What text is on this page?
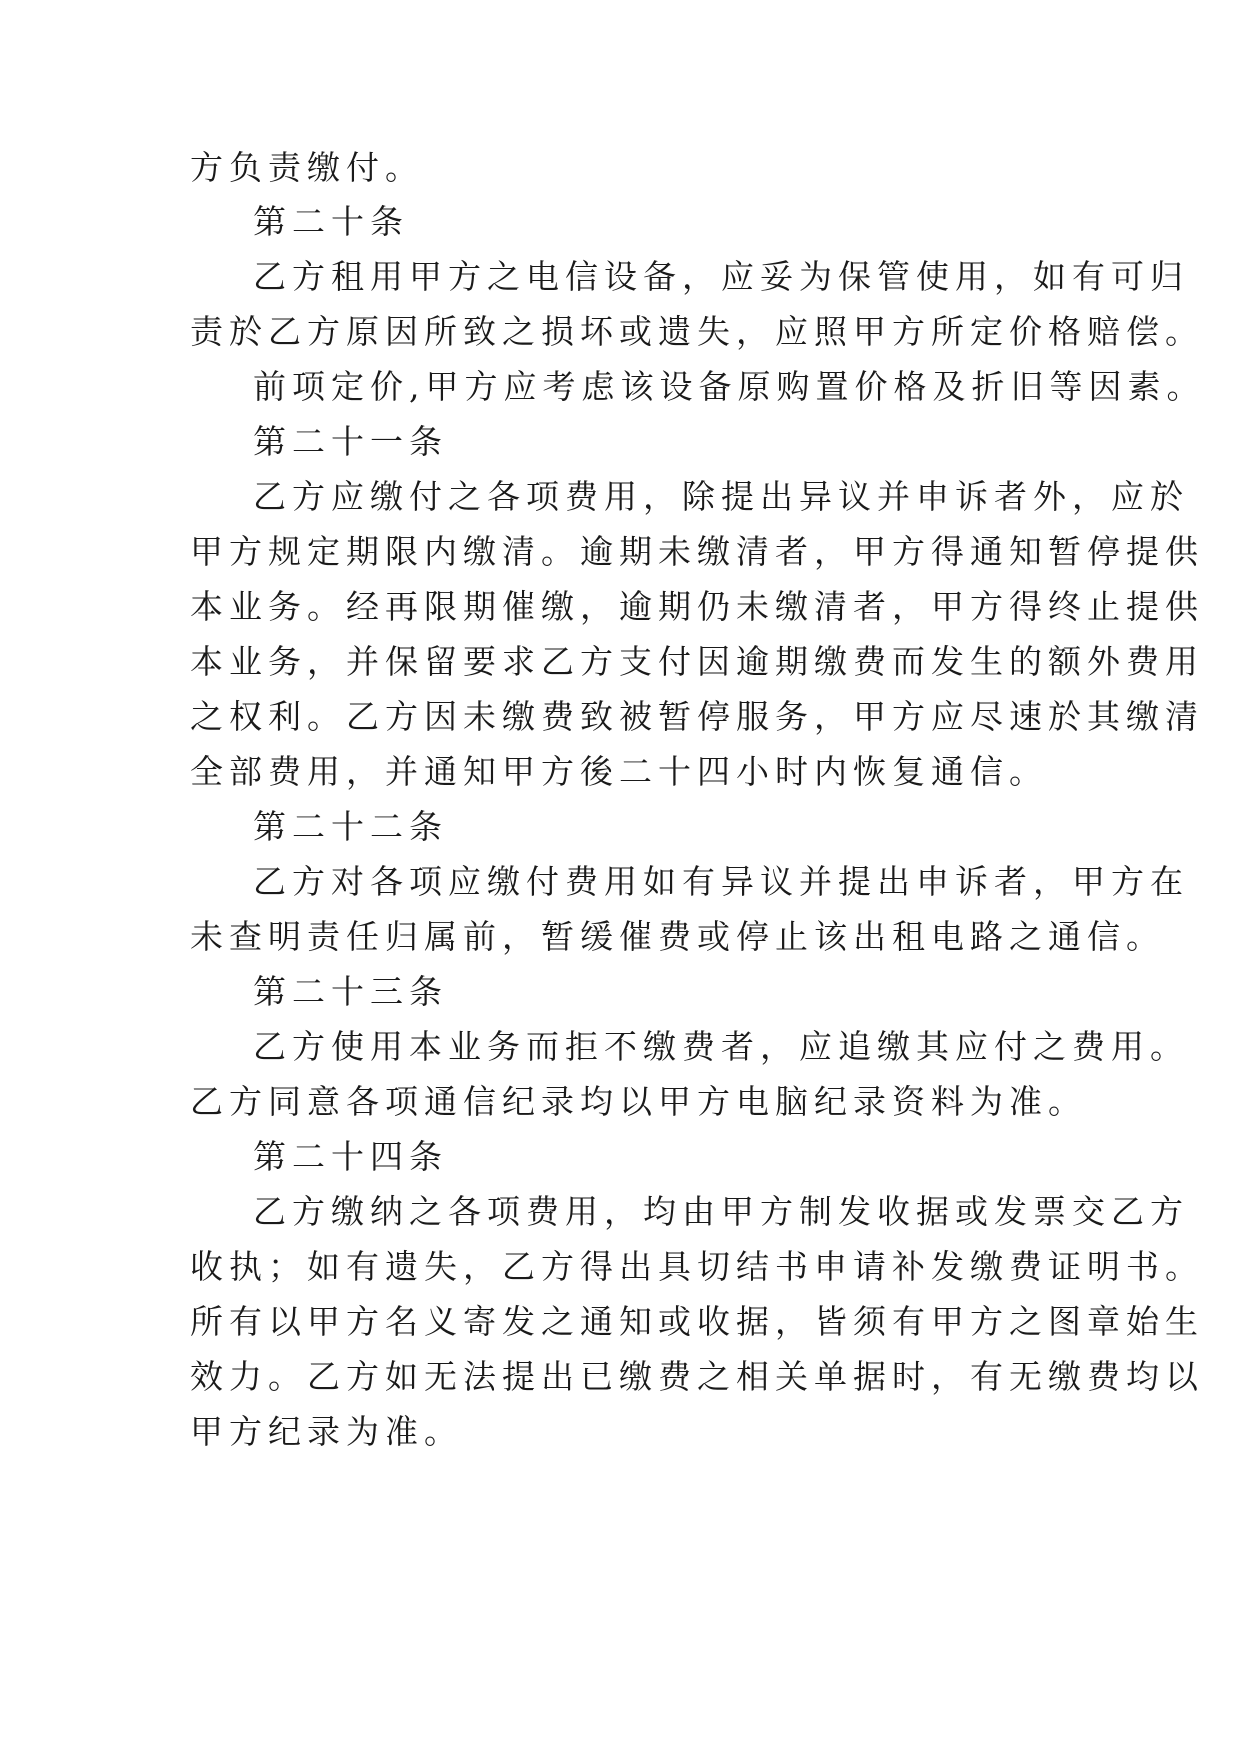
方负责缴付。
第二十条
乙方租用甲方之电信设备，应妥为保管使用，如有可归
责於乙方原因所致之损坏或遗失，应照甲方所定价格赔偿。
前项定价,甲方应考虑该设备原购置价格及折旧等因素。
第二十一条
乙方应缴付之各项费用，除提出异议并申诉者外，应於
甲方规定期限内缴清。逾期未缴清者，甲方得通知暂停提供
本业务。经再限期催缴，逾期仍未缴清者，甲方得终止提供
本业务，并保留要求乙方支付因逾期缴费而发生的额外费用
之权利。乙方因未缴费致被暂停服务，甲方应尽速於其缴清
全部费用，并通知甲方後二十四小时内恢复通信。
第二十二条
乙方对各项应缴付费用如有异议并提出申诉者，甲方在
未查明责任归属前，暂缓催费或停止该出租电路之通信。
第二十三条
乙方使用本业务而拒不缴费者，应追缴其应付之费用。
乙方同意各项通信纪录均以甲方电脑纪录资料为准。
第二十四条
乙方缴纳之各项费用，均由甲方制发收据或发票交乙方
收执；如有遗失，乙方得出具切结书申请补发缴费证明书。
所有以甲方名义寄发之通知或收据，皆须有甲方之图章始生
效力。乙方如无法提出已缴费之相关单据时，有无缴费均以
甲方纪录为准。
